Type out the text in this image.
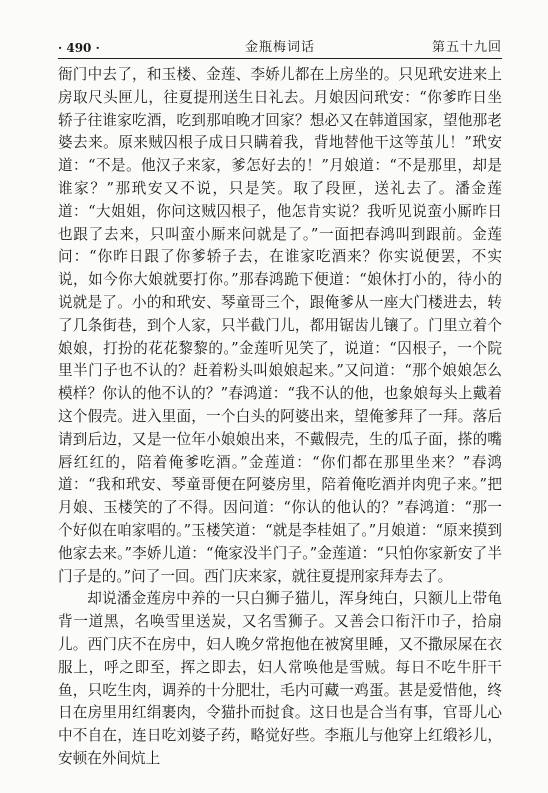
· 490 ·	金瓶梅词话	第五十九回

衙门中去了，和玉楼、金莲、李娇儿都在上房坐的。只见玳安进来上房取尺头匣儿，往夏提刑送生日礼去。月娘因问玳安：“你爹昨日坐轿子往谁家吃酒，吃到那咱晚才回家？想必又在韩道国家，望他那老婆去来。原来贼囚根子成日只瞒着我，背地替他干这等茧儿！”玳安道：“不是。他汉子来家，爹怎好去的！”月娘道：“不是那里，却是谁家？”那玳安又不说，只是笑。取了段匣，送礼去了。潘金莲道：“大姐姐，你问这贼囚根子，他怎肯实说？我听见说蛮小厮昨日也跟了去来，只叫蛮小厮来问就是了。”一面把春鸿叫到跟前。金莲问：“你昨日跟了你爹轿子去，在谁家吃酒来？你实说便罢，不实说，如今你大娘就要打你。”那春鸿跪下便道：“娘休打小的，待小的说就是了。小的和玳安、琴童哥三个，跟俺爹从一座大门楼进去，转了几条街巷，到个人家，只半截门儿，都用锯齿儿镶了。门里立着个娘娘，打扮的花花黎黎的。”金莲听见笑了，说道：“囚根子，一个院里半门子也不认的？赶着粉头叫娘娘起来。”又问道：“那个娘娘怎么模样？你认的他不认的？”春鸿道：“我不认的他，也象娘每头上戴着这个假壳。进入里面，一个白头的阿婆出来，望俺爹拜了一拜。落后请到后边，又是一位年小娘娘出来，不戴假壳，生的瓜子面，搽的嘴唇红红的，陪着俺爹吃酒。”金莲道：“你们都在那里坐来？”春鸿道：“我和玳安、琴童哥便在阿婆房里，陪着俺吃酒并肉兜子来。”把月娘、玉楼笑的了不得。因问道：“你认的他认的？”春鸿道：“那一个好似在咱家唱的。”玉楼笑道：“就是李桂姐了。”月娘道：“原来摸到他家去来。”李娇儿道：“俺家没半门子。”金莲道：“只怕你家新安了半门子是的。”问了一回。西门庆来家，就往夏提刑家拜寿去了。

却说潘金莲房中养的一只白狮子猫儿，浑身纯白，只额儿上带龟背一道黑，名唤雪里送炭，又名雪狮子。又善会口衔汗巾子，拾扇儿。西门庆不在房中，妇人晚夕常抱他在被窝里睡，又不撒尿屎在衣服上，呼之即至，挥之即去，妇人常唤他是雪贼。每日不吃牛肝干鱼，只吃生肉，调养的十分肥壮，毛内可藏一鸡蛋。甚是爱惜他，终日在房里用红绢裹肉，令猫扑而挝食。这日也是合当有事，官哥儿心中不自在，连日吃刘婆子药，略觉好些。李瓶儿与他穿上红缎衫儿，安顿在外间炕上
